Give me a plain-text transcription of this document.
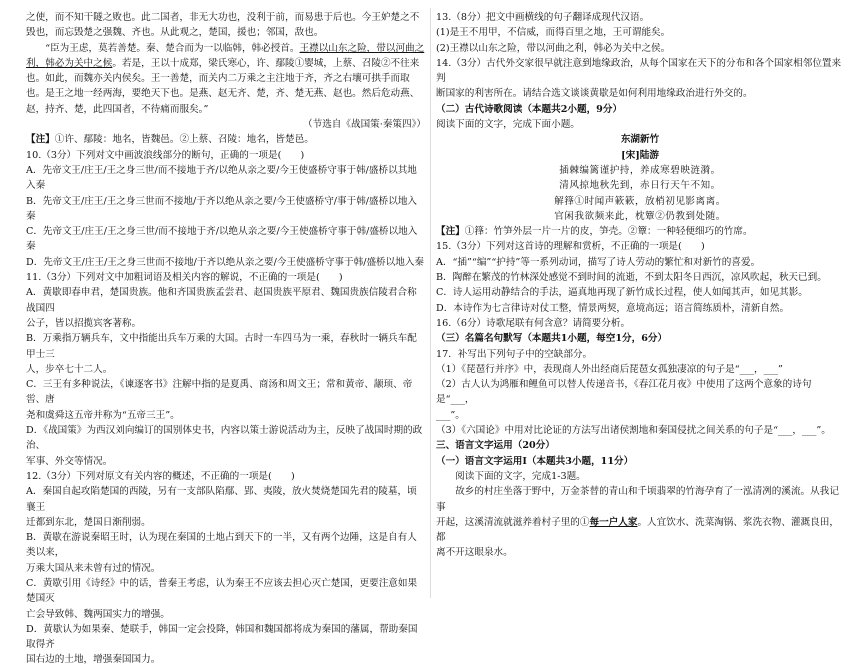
之使，而不知干隧之败也。此二国者，非无大功也，没利于前，而易患于后也。今王妒楚之不毁也，而忘毁楚之强魏、齐也。从此观之，楚国，援也；邻国，敌也。

“臣为王虑，莫若善楚。秦、楚合而为一以临韩，韩必授首。王襟以山东之险，带以河曲之利，韩必为关中之候。若是，王以十成郑，梁氏寒心，许、鄢陵①婴城，上蔡、召陵②不往来也。如此，而魏亦关内侯矣。王一善楚，而关内二万乘之主注地于齐，齐之右壤可拱手而取也。是王之地一经两海，要绝天下也。是燕、赵无齐、楚，齐、楚无燕、赵也。然后危动燕、赵，持齐、楚，此四国者，不待痛而服矣。”

（节选自《战国策·秦策四》）

【注】①许、鄢陵：地名，皆魏邑。②上蔡、召陵：地名，皆楚邑。

10.（3分）下列对文中画波浪线部分的断句，正确的一项是(　　)

A．先帝文王/庄王/王之身三世/而不接地于齐/以绝从亲之要/今王使盛桥守事于韩/盛桥以其地入秦

B．先帝文王/庄王/王之身三世而不接地/于齐以绝从亲之要/今王使盛桥守/事于韩/盛桥以地入秦

C．先帝文王/庄王/王之身三世/而不接地于齐/以绝从亲之要/今王使盛桥守事于韩/盛桥以地入秦

D．先帝文王/庄王/王之身三世而不接地/于齐以绝从亲之要/今王使盛桥守事于韩/盛桥以地入秦

11.（3分）下列对文中加粗词语及相关内容的解说，不正确的一项是(　　)

A．黄歇即春申君，楚国贵族。他和齐国贵族孟尝君、赵国贵族平原君、魏国贵族信陵君合称战国四

公子，皆以招揽宾客著称。

B．万乘指万辆兵车，文中指能出兵车万乘的大国。古时一车四马为一乘，春秋时一辆兵车配甲士三

人，步卒七十二人。

C．三王有多种说法，《谏逐客书》注解中指的是夏禹、商汤和周文王；常和黄帝、颛顼、帝喾、唐

尧和虞舜这五帝并称为“五帝三王”。

D．《战国策》为西汉刘向编订的国别体史书，内容以策士游说活动为主，反映了战国时期的政治、

军事、外交等情况。

12.（3分）下列对原文有关内容的概述，不正确的一项是(　　)

A．秦国自起攻陷楚国的西陵，另有一支部队陷鄢、郢、夷陵，放火焚烧楚国先君的陵墓，顷襄王

迁都到东北，楚国日渐削弱。

B．黄歇在游说秦昭王时，认为现在秦国的土地占到天下的一半，又有两个边陲，这是自有人类以来，

万乘大国从来未曾有过的情况。

C．黄歇引用《诗经》中的话，普秦王考虑，认为秦王不应该去担心灭亡楚国，更要注意如果楚国灭

亡会导致韩、魏两国实力的增强。

D．黄歇认为如果秦、楚联手，韩国一定会投降，韩国和魏国都将成为秦国的藩属，帮助秦国取得齐

国右边的土地，增强秦国国力。

13.（8分）把文中画横线的句子翻译成现代汉语。

(1)是王不用甲，不信威，而得百里之地，王可谓能矣。

(2)王襟以山东之险，带以河曲之利，韩必为关中之侯。

14.（3分）古代外交家很早就注意到地缘政治，从每个国家在天下的分布和各个国家相邻位置来判

断国家的利害所在。请结合选文谈谈黄歇是如何利用地缘政治进行外交的。

（二）古代诗歌阅读（本题共2小题，9分）

阅读下面的文字，完成下面小题。

东湖新竹

[宋]陆游

插棘编篱谨护持，养成寒碧映涟漪。

清风掠地秋先到，赤日行天午不知。

解箨①时闻声簌簌，放梢初见影离离。

官闲我欲频来此，枕簟②仍教到处随。

【注】①箨：竹笋外层一片一片的皮，笋壳。②簟：一种轻便细巧的竹席。

15.（3分）下列对这首诗的理解和赏析，不正确的一项是(　　)

A．“插”“编”“护持”等一系列动词，描写了诗人劳动的繁忙和对新竹的喜爱。

B．陶醉在繁茂的竹林深处感觉不到时间的流逝，不到太阳冬日西沉，凉风吹起，秋天已到。

C．诗人运用动静结合的手法，逼真地再现了新竹成长过程，使人如闻其声，如见其影。

D．本诗作为七言律诗对仗工整，情景两契，意境高远；语言简练质朴，清新自然。

16.（6分）诗歌尾联有何含意？请简要分析。

（三）名篇名句默写（本题共1小题，每空1分，6分）

17．补写出下列句子中的空缺部分。

（1）《琵琶行并序》中，表现商人外出经商后琵琶女孤独凄凉的句子是“___，___”

（2）古人认为鸿雁和鲤鱼可以替人传递音书，《春江花月夜》中使用了这两个意象的诗句是“___，

___”。

（3）《六国论》中用对比论证的方法写出诸侯割地和秦国侵扰之间关系的句子是“___，___”。

三、语言文字运用（20分）

（一）语言文字运用Ⅰ（本题共3小题，11分）

阅读下面的文字，完成1-3题。

故乡的村庄坐落于野中，万金茶替的青山和千顷翡翠的竹海孕育了一泓清冽的溪流。从我记事

开起，这溪清流就滋养着村子里的①每一户人家。人宜饮水、洗菜淘锅、浆洗衣物、灌溉良田，都

离不开这眼泉水。
